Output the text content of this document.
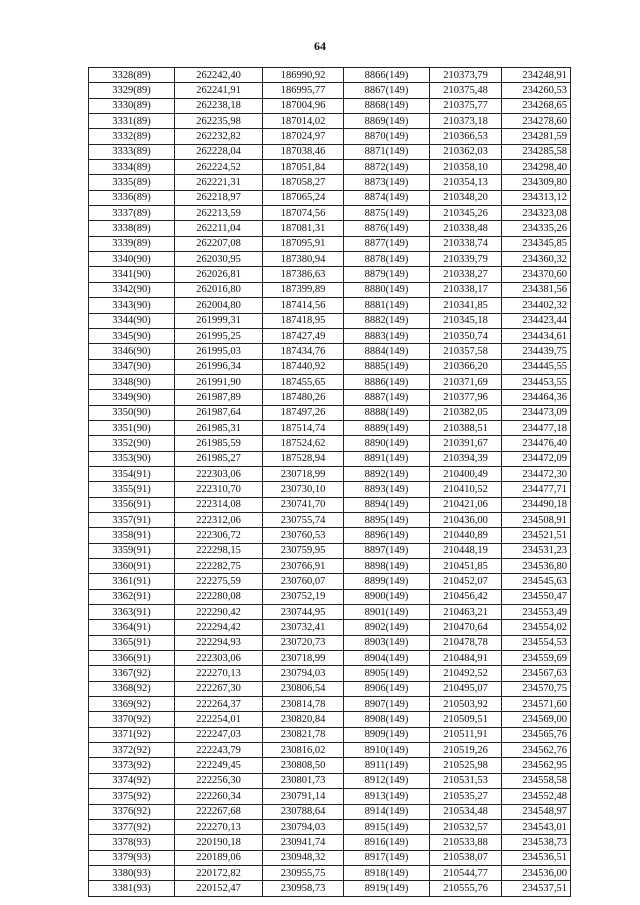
64
3328(89)	262242,40	186990,92	8866(149)	210373,79	234248,91
3329(89)	262241,91	186995,77	8867(149)	210375,48	234260,53
3330(89)	262238,18	187004,96	8868(149)	210375,77	234268,65
3331(89)	262235,98	187014,02	8869(149)	210373,18	234278,60
3332(89)	262232,82	187024,97	8870(149)	210366,53	234281,59
3333(89)	262228,04	187038,46	8871(149)	210362,03	234285,58
3334(89)	262224,52	187051,84	8872(149)	210358,10	234298,40
3335(89)	262221,31	187058,27	8873(149)	210354,13	234309,80
3336(89)	262218,97	187065,24	8874(149)	210348,20	234313,12
3337(89)	262213,59	187074,56	8875(149)	210345,26	234323,08
3338(89)	262211,04	187081,31	8876(149)	210338,48	234335,26
3339(89)	262207,08	187095,91	8877(149)	210338,74	234345,85
3340(90)	262030,95	187380,94	8878(149)	210339,79	234360,32
3341(90)	262026,81	187386,63	8879(149)	210338,27	234370,60
3342(90)	262016,80	187399,89	8880(149)	210338,17	234381,56
3343(90)	262004,80	187414,56	8881(149)	210341,85	234402,32
3344(90)	261999,31	187418,95	8882(149)	210345,18	234423,44
3345(90)	261995,25	187427,49	8883(149)	210350,74	234434,61
3346(90)	261995,03	187434,76	8884(149)	210357,58	234439,75
3347(90)	261996,34	187440,92	8885(149)	210366,20	234445,55
3348(90)	261991,90	187455,65	8886(149)	210371,69	234453,55
3349(90)	261987,89	187480,26	8887(149)	210377,96	234464,36
3350(90)	261987,64	187497,26	8888(149)	210382,05	234473,09
3351(90)	261985,31	187514,74	8889(149)	210388,51	234477,18
3352(90)	261985,59	187524,62	8890(149)	210391,67	234476,40
3353(90)	261985,27	187528,94	8891(149)	210394,39	234472,09
3354(91)	222303,06	230718,99	8892(149)	210400,49	234472,30
3355(91)	222310,70	230730,10	8893(149)	210410,52	234477,71
3356(91)	222314,08	230741,70	8894(149)	210421,06	234490,18
3357(91)	222312,06	230755,74	8895(149)	210436,00	234508,91
3358(91)	222306,72	230760,53	8896(149)	210440,89	234521,51
3359(91)	222298,15	230759,95	8897(149)	210448,19	234531,23
3360(91)	222282,75	230766,91	8898(149)	210451,85	234536,80
3361(91)	222275,59	230760,07	8899(149)	210452,07	234545,63
3362(91)	222280,08	230752,19	8900(149)	210456,42	234550,47
3363(91)	222290,42	230744,95	8901(149)	210463,21	234553,49
3364(91)	222294,42	230732,41	8902(149)	210470,64	234554,02
3365(91)	222294,93	230720,73	8903(149)	210478,78	234554,53
3366(91)	222303,06	230718,99	8904(149)	210484,91	234559,69
3367(92)	222270,13	230794,03	8905(149)	210492,52	234567,63
3368(92)	222267,30	230806,54	8906(149)	210495,07	234570,75
3369(92)	222264,37	230814,78	8907(149)	210503,92	234571,60
3370(92)	222254,01	230820,84	8908(149)	210509,51	234569,00
3371(92)	222247,03	230821,78	8909(149)	210511,91	234565,76
3372(92)	222243,79	230816,02	8910(149)	210519,26	234562,76
3373(92)	222249,45	230808,50	8911(149)	210525,98	234562,95
3374(92)	222256,30	230801,73	8912(149)	210531,53	234558,58
3375(92)	222260,34	230791,14	8913(149)	210535,27	234552,48
3376(92)	222267,68	230788,64	8914(149)	210534,48	234548,97
3377(92)	222270,13	230794,03	8915(149)	210532,57	234543,01
3378(93)	220190,18	230941,74	8916(149)	210533,88	234538,73
3379(93)	220189,06	230948,32	8917(149)	210538,07	234536,51
3380(93)	220172,82	230955,75	8918(149)	210544,77	234536,00
3381(93)	220152,47	230958,73	8919(149)	210555,76	234537,51
